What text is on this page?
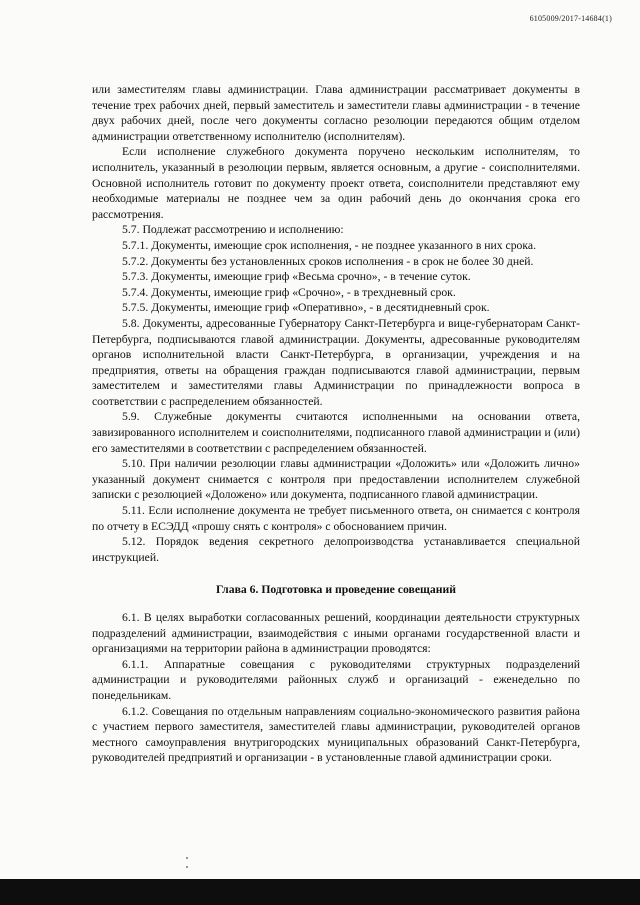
6105009/2017-14684(1)

или заместителям главы администрации. Глава администрации рассматривает документы в течение трех рабочих дней, первый заместитель и заместители главы администрации - в течение двух рабочих дней, после чего документы согласно резолюции передаются общим отделом администрации ответственному исполнителю (исполнителям).

Если исполнение служебного документа поручено нескольким исполнителям, то исполнитель, указанный в резолюции первым, является основным, а другие - соисполнителями. Основной исполнитель готовит по документу проект ответа, соисполнители представляют ему необходимые материалы не позднее чем за один рабочий день до окончания срока его рассмотрения.

5.7. Подлежат рассмотрению и исполнению:

5.7.1. Документы, имеющие срок исполнения, - не позднее указанного в них срока.

5.7.2. Документы без установленных сроков исполнения - в срок не более 30 дней.

5.7.3. Документы, имеющие гриф «Весьма срочно», - в течение суток.

5.7.4. Документы, имеющие гриф «Срочно», - в трехдневный срок.

5.7.5. Документы, имеющие гриф «Оперативно», - в десятидневный срок.

5.8. Документы, адресованные Губернатору Санкт-Петербурга и вице-губернаторам Санкт-Петербурга, подписываются главой администрации. Документы, адресованные руководителям органов исполнительной власти Санкт-Петербурга, в организации, учреждения и на предприятия, ответы на обращения граждан подписываются главой администрации, первым заместителем и заместителями главы Администрации по принадлежности вопроса в соответствии с распределением обязанностей.

5.9. Служебные документы считаются исполненными на основании ответа, завизированного исполнителем и соисполнителями, подписанного главой администрации и (или) его заместителями в соответствии с распределением обязанностей.

5.10. При наличии резолюции главы администрации «Доложить» или «Доложить лично» указанный документ снимается с контроля при предоставлении исполнителем служебной записки с резолюцией «Доложено» или документа, подписанного главой администрации.

5.11. Если исполнение документа не требует письменного ответа, он снимается с контроля по отчету в ЕСЭДД «прошу снять с контроля» с обоснованием причин.

5.12. Порядок ведения секретного делопроизводства устанавливается специальной инструкцией.

Глава 6. Подготовка и проведение совещаний

6.1. В целях выработки согласованных решений, координации деятельности структурных подразделений администрации, взаимодействия с иными органами государственной власти и организациями на территории района в администрации проводятся:

6.1.1. Аппаратные совещания с руководителями структурных подразделений администрации и руководителями районных служб и организаций - еженедельно по понедельникам.

6.1.2. Совещания по отдельным направлениям социально-экономического развития района с участием первого заместителя, заместителей главы администрации, руководителей органов местного самоуправления внутригородских муниципальных образований Санкт-Петербурга, руководителей предприятий и организации - в установленные главой администрации сроки.
